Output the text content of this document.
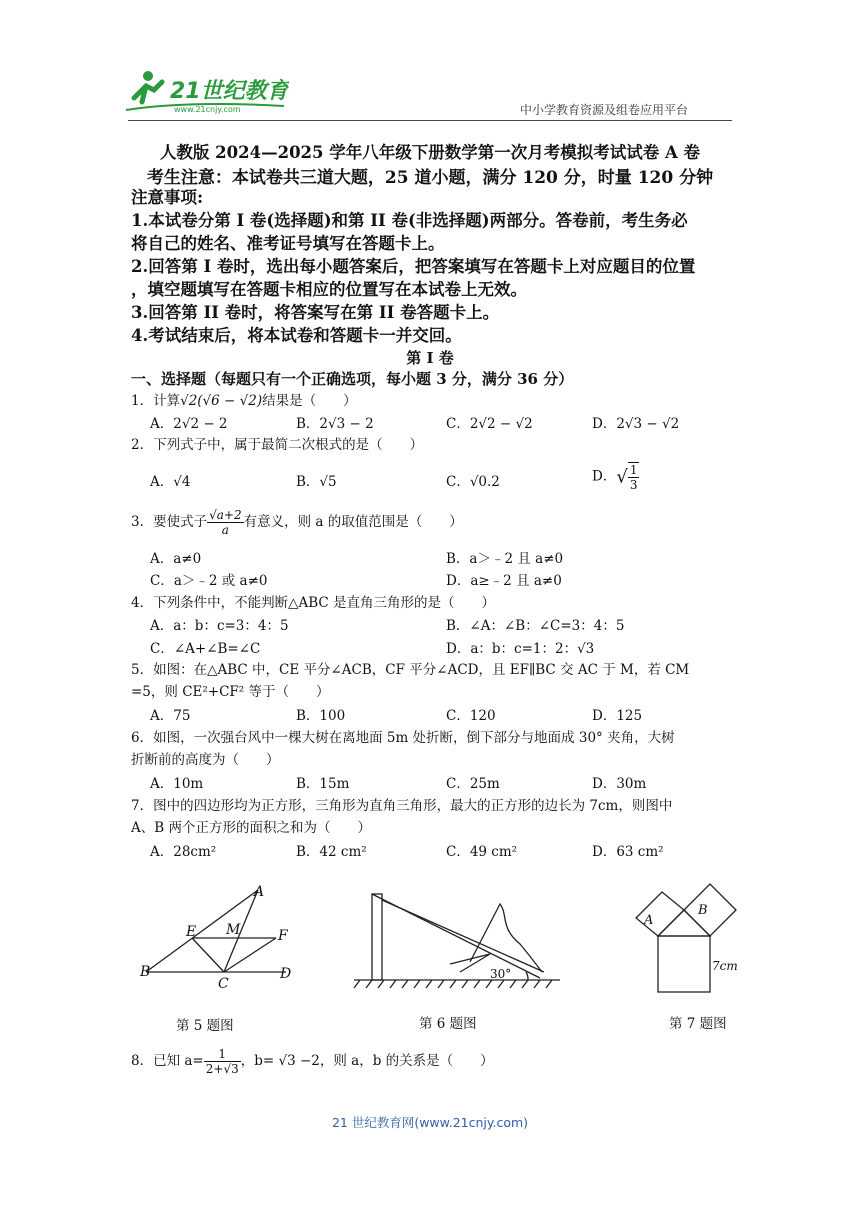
21世纪教育
www.21cnjy.com	中小学教育资源及组卷应用平台
人教版 2024—2025 学年八年级下册数学第一次月考模拟考试试卷 A 卷
考生注意：本试卷共三道大题，25 道小题，满分 120 分，时量 120 分钟
注意事项:
1.本试卷分第 I 卷(选择题)和第 II 卷(非选择题)两部分。答卷前，考生务必
将自己的姓名、准考证号填写在答题卡上。
2.回答第 I 卷时，选出每小题答案后，把答案填写在答题卡上对应题目的位置
，填空题填写在答题卡相应的位置写在本试卷上无效。
3.回答第 II 卷时，将答案写在第 II 卷答题卡上。
4.考试结束后，将本试卷和答题卡一并交回。
第 I 卷
一、选择题（每题只有一个正确选项，每小题 3 分，满分 36 分）
1．计算√2(√6 − √2)结果是（　　）
A．2√2 − 2	B．2√3 − 2	C．2√2 − √2	D．2√3 − √2
2．下列式子中，属于最简二次根式的是（　　）
A．√4	B．√5	C．√0.2	D．√ $\frac{1}{3}$
3．要使式子 $\frac{√a+2}{a}$ 有意义，则 a 的取值范围是（　　）
A．a≠0	B．a＞﹣2 且 a≠0
C．a＞﹣2 或 a≠0	D．a≥﹣2 且 a≠0
4．下列条件中，不能判断△ABC 是直角三角形的是（　　）
A．a：b：c=3：4：5	B．∠A：∠B：∠C=3：4：5
C．∠A+∠B=∠C	D．a：b：c=1：2：√3
5．如图：在△ABC 中，CE 平分∠ACB，CF 平分∠ACD，且 EF∥BC 交 AC 于 M，若 CM
=5，则 CE²+CF² 等于（　　）
A．75	B．100	C．120	D．125
6．如图，一次强台风中一棵大树在离地面 5m 处折断，倒下部分与地面成 30° 夹角，大树
折断前的高度为（　　）
A．10m	B．15m	C．25m	D．30m
7．图中的四边形均为正方形，三角形为直角三角形，最大的正方形的边长为 7cm，则图中
A、B 两个正方形的面积之和为（　　）
A．28cm²	B．42 cm²	C．49 cm²	D．63 cm²
A
E M	F
B
C
D
第 5 题图
30°
第 6 题图
A
B
7cm
第 7 题图
8．已知 $a= \frac{1}{2+√3}$ ，b= √3 −2，则 a，b 的关系是（　　）
21 世纪教育网(www.21cnjy.com)
